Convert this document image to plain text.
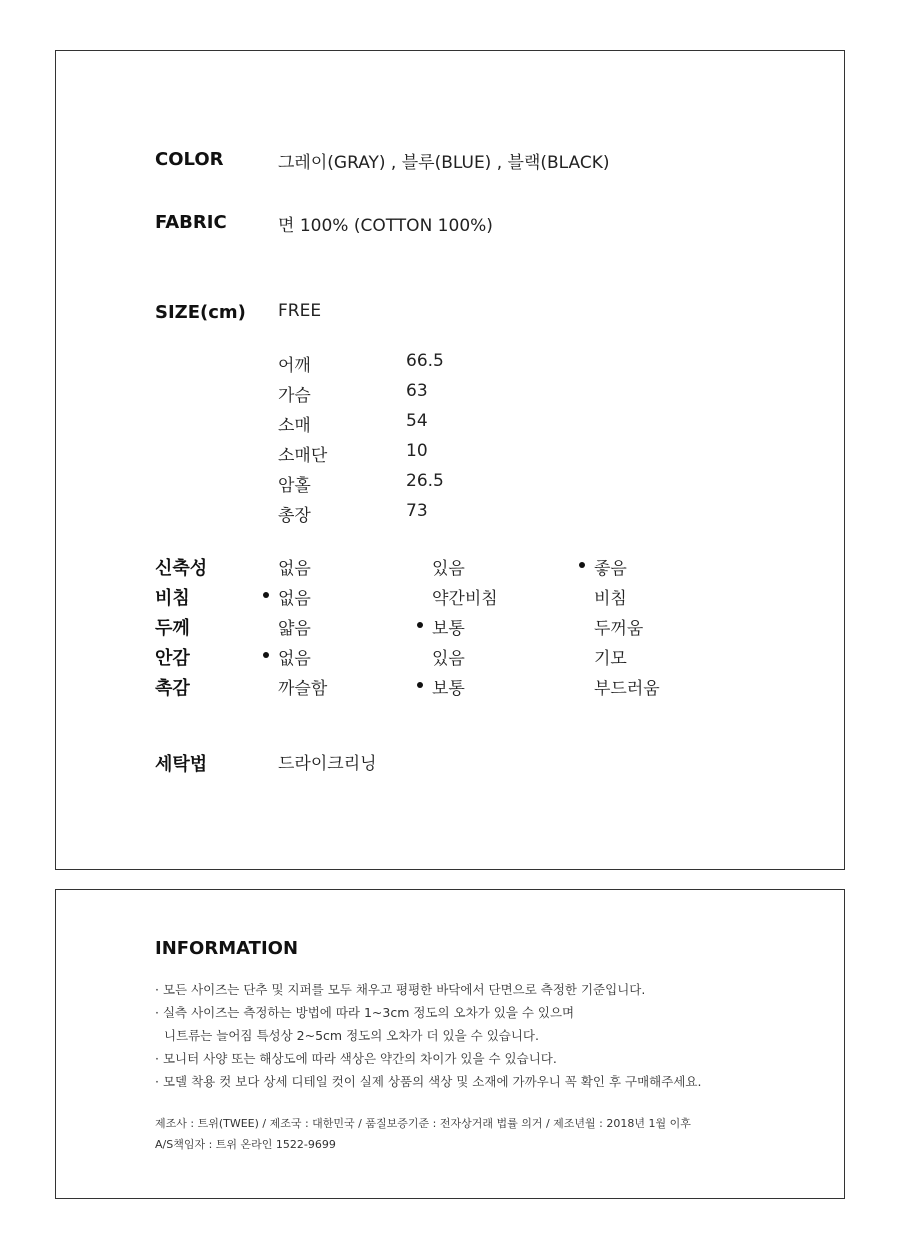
COLOR	그레이(GRAY) , 블루(BLUE) , 블랙(BLACK)
FABRIC	면 100% (COTTON 100%)
SIZE(cm) FREE
어깨	66.5
가슴	63
소매	54
소매단	10
암홀	26.5
총장	73
신축성	없음	있음	좋음
비침	없음	약간비침	비침
두께	얇음	보통	두꺼움
안감	없음	있음	기모
촉감	까슬함	보통	부드러움
세탁법	드라이크리닝
INFORMATION
· 모든 사이즈는 단추 및 지퍼를 모두 채우고 평평한 바닥에서 단면으로 측정한 기준입니다.
· 실측 사이즈는 측정하는 방법에 따라 1~3cm 정도의 오차가 있을 수 있으며
니트류는 늘어짐 특성상 2~5cm 정도의 오차가 더 있을 수 있습니다.
· 모니터 사양 또는 해상도에 따라 색상은 약간의 차이가 있을 수 있습니다.
· 모델 착용 컷 보다 상세 디테일 컷이 실제 상품의 색상 및 소재에 가까우니 꼭 확인 후 구매해주세요.
제조사 : 트위(TWEE) / 제조국 : 대한민국 / 품질보증기준 : 전자상거래 법률 의거 / 제조년월 : 2018년 1월 이후
A/S책임자 : 트위 온라인 1522-9699
